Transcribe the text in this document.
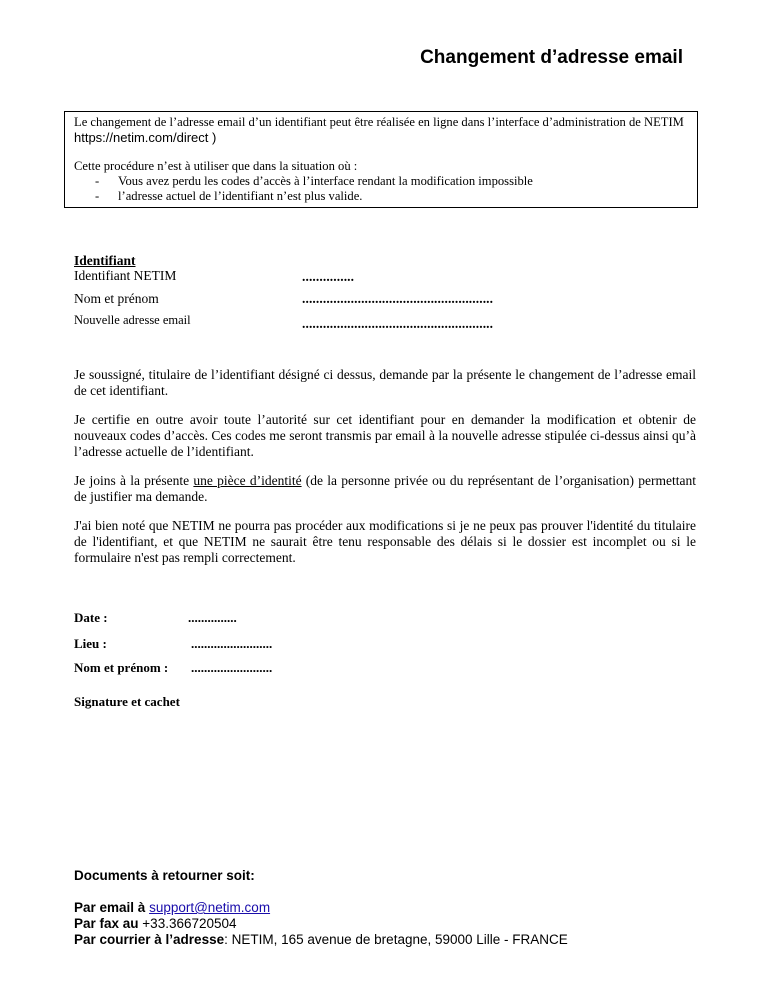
Changement d’adresse email

Le changement de l’adresse email d’un identifiant peut être réalisée en ligne dans l’interface d’administration de NETIM https://netim.com/direct )

Cette procédure n’est à utiliser que dans la situation où :

- Vous avez perdu les codes d’accès à l’interface rendant la modification impossible
- l’adresse actuel de l’identifiant n’est plus valide.
Identifiant
Identifiant NETIM	...............
Nom et prénom	.......................................................
Nouvelle adresse email	.......................................................

Je soussigné, titulaire de l’identifiant désigné ci dessus, demande par la présente le changement de l’adresse email de cet identifiant.

Je certifie en outre avoir toute l’autorité sur cet identifiant pour en demander la modification et obtenir de nouveaux codes d’accès. Ces codes me seront transmis par email à la nouvelle adresse stipulée ci-dessus ainsi qu’à l’adresse actuelle de l’identifiant.

Je joins à la présente une pièce d’identité (de la personne privée ou du représentant de l’organisation) permettant de justifier ma demande.

J'ai bien noté que NETIM ne pourra pas procéder aux modifications si je ne peux pas prouver l'identité du titulaire de l'identifiant, et que NETIM ne saurait être tenu responsable des délais si le dossier est incomplet ou si le formulaire n'est pas rempli correctement.

Date :	...............
Lieu :	.........................
Nom et prénom : .........................
Signature et cachet
Documents à retourner soit:
Par email à support@netim.com
Par fax au +33.366720504
Par courrier à l’adresse: NETIM, 165 avenue de bretagne, 59000 Lille - FRANCE
